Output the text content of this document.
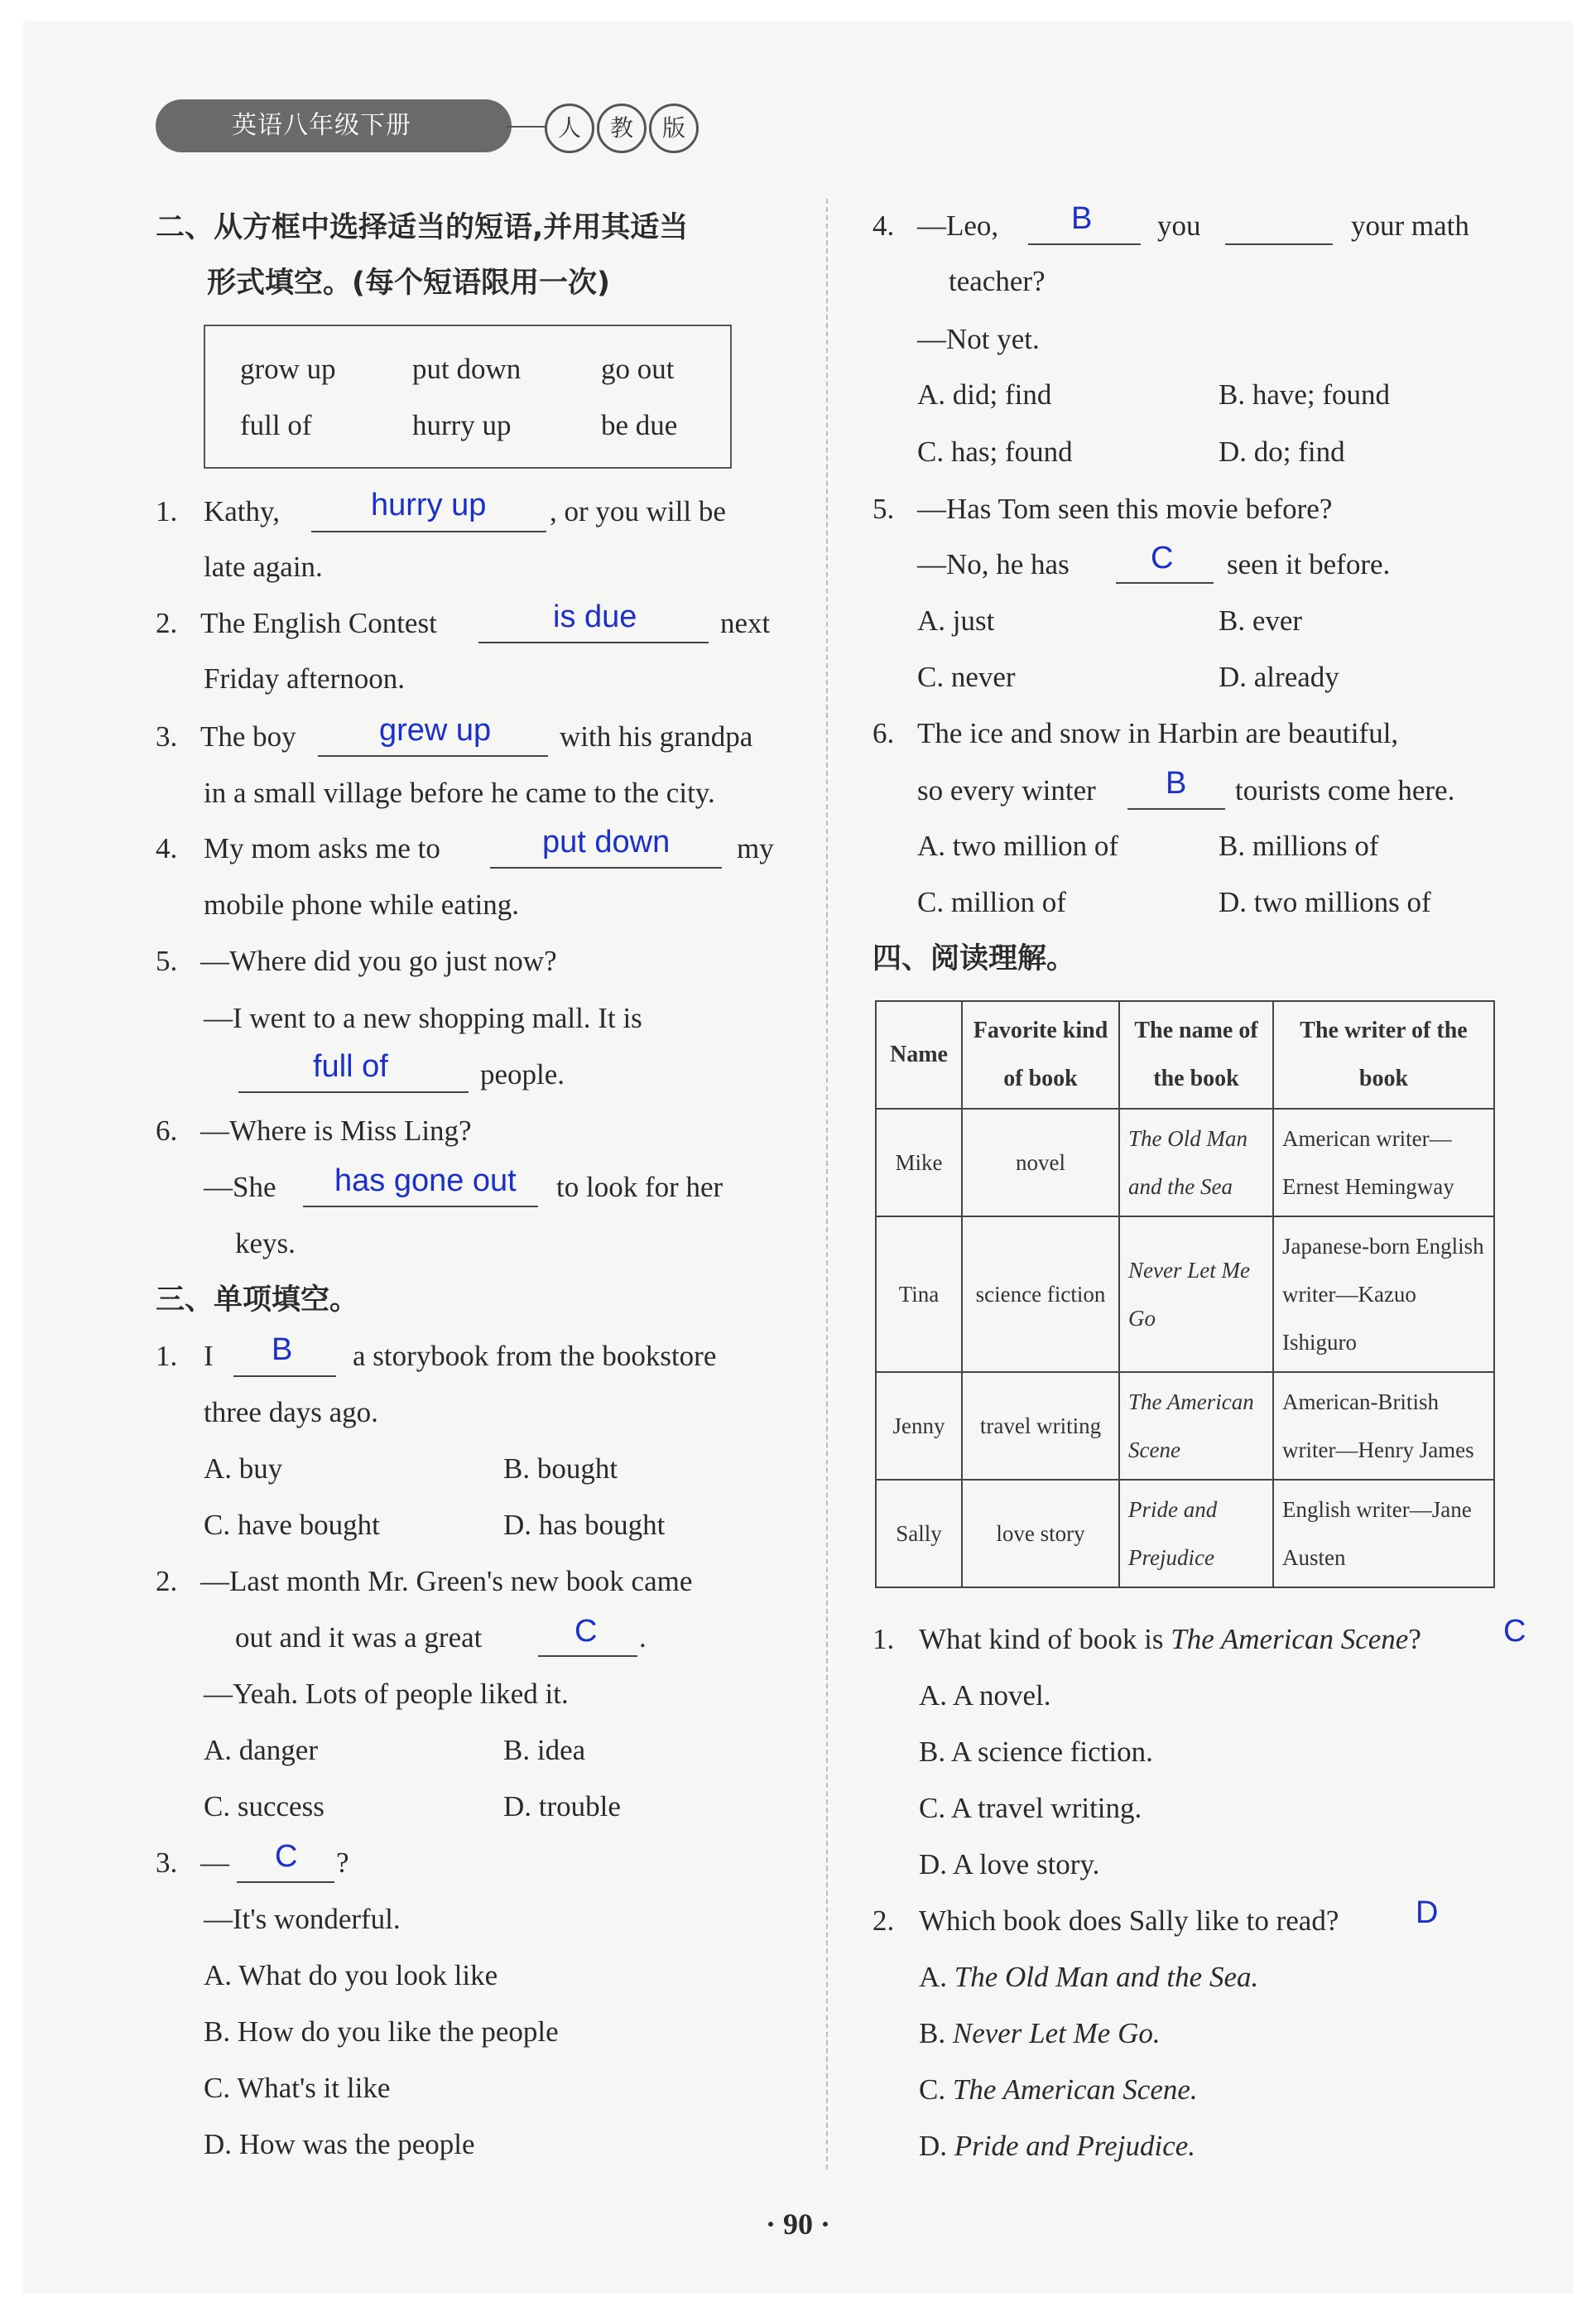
英语八年级下册	人	教	版
二、从方框中选择适当的短语,并用其适当
形式填空。(每个短语限用一次)
grow up	put down	go out
full of	hurry up	be due
1. Kathy,	hurry up , or you will be
late again.
2. The English Contest	is due	next
Friday afternoon.
3. The boy	grew up with his grandpa
in a small village before he came to the city.
4. My mom asks me to	put down my
mobile phone while eating.
5. —Where did you go just now?
—I went to a new shopping mall. It is
full of	people.
6. —Where is Miss Ling?
—She has gone out to look for her
keys.
三、单项填空。
1. I B a storybook from the bookstore
three days ago.
A. buy	B. bought
C. have bought	D. has bought
2. —Last month Mr. Green's new book came
out and it was a great	C .
—Yeah. Lots of people liked it.
A. danger	B. idea
C. success	D. trouble
3. — C ?
—It's wonderful.
A. What do you look like
B. How do you like the people
C. What's it like
D. How was the people
4. —Leo, B you	your math
teacher?
—Not yet.
A. did; find	B. have; found
C. has; found	D. do; find
5. —Has Tom seen this movie before?
—No, he has	C seen it before.
A. just	B. ever
C. never	D. already
6. The ice and snow in Harbin are beautiful,
so every winter B tourists come here.
A. two million of	B. millions of
C. million of	D. two millions of
四、阅读理解。
Name	Favorite kind of book	The name of the book	The writer of the book
Mike	novel	The Old Man and the Sea	American writer—Ernest Hemingway
Tina	science fiction	Never Let Me Go	Japanese-born English writer—Kazuo Ishiguro
Jenny	travel writing	The American Scene	American-British writer—Henry James
Sally	love story	Pride and Prejudice	English writer—Jane Austen
1. What kind of book is The American Scene?	C
A. A novel.
B. A science fiction.
C. A travel writing.
D. A love story.
2. Which book does Sally like to read? D
A. The Old Man and the Sea.
B. Never Let Me Go.
C. The American Scene.
D. Pride and Prejudice.
· 90 ·
